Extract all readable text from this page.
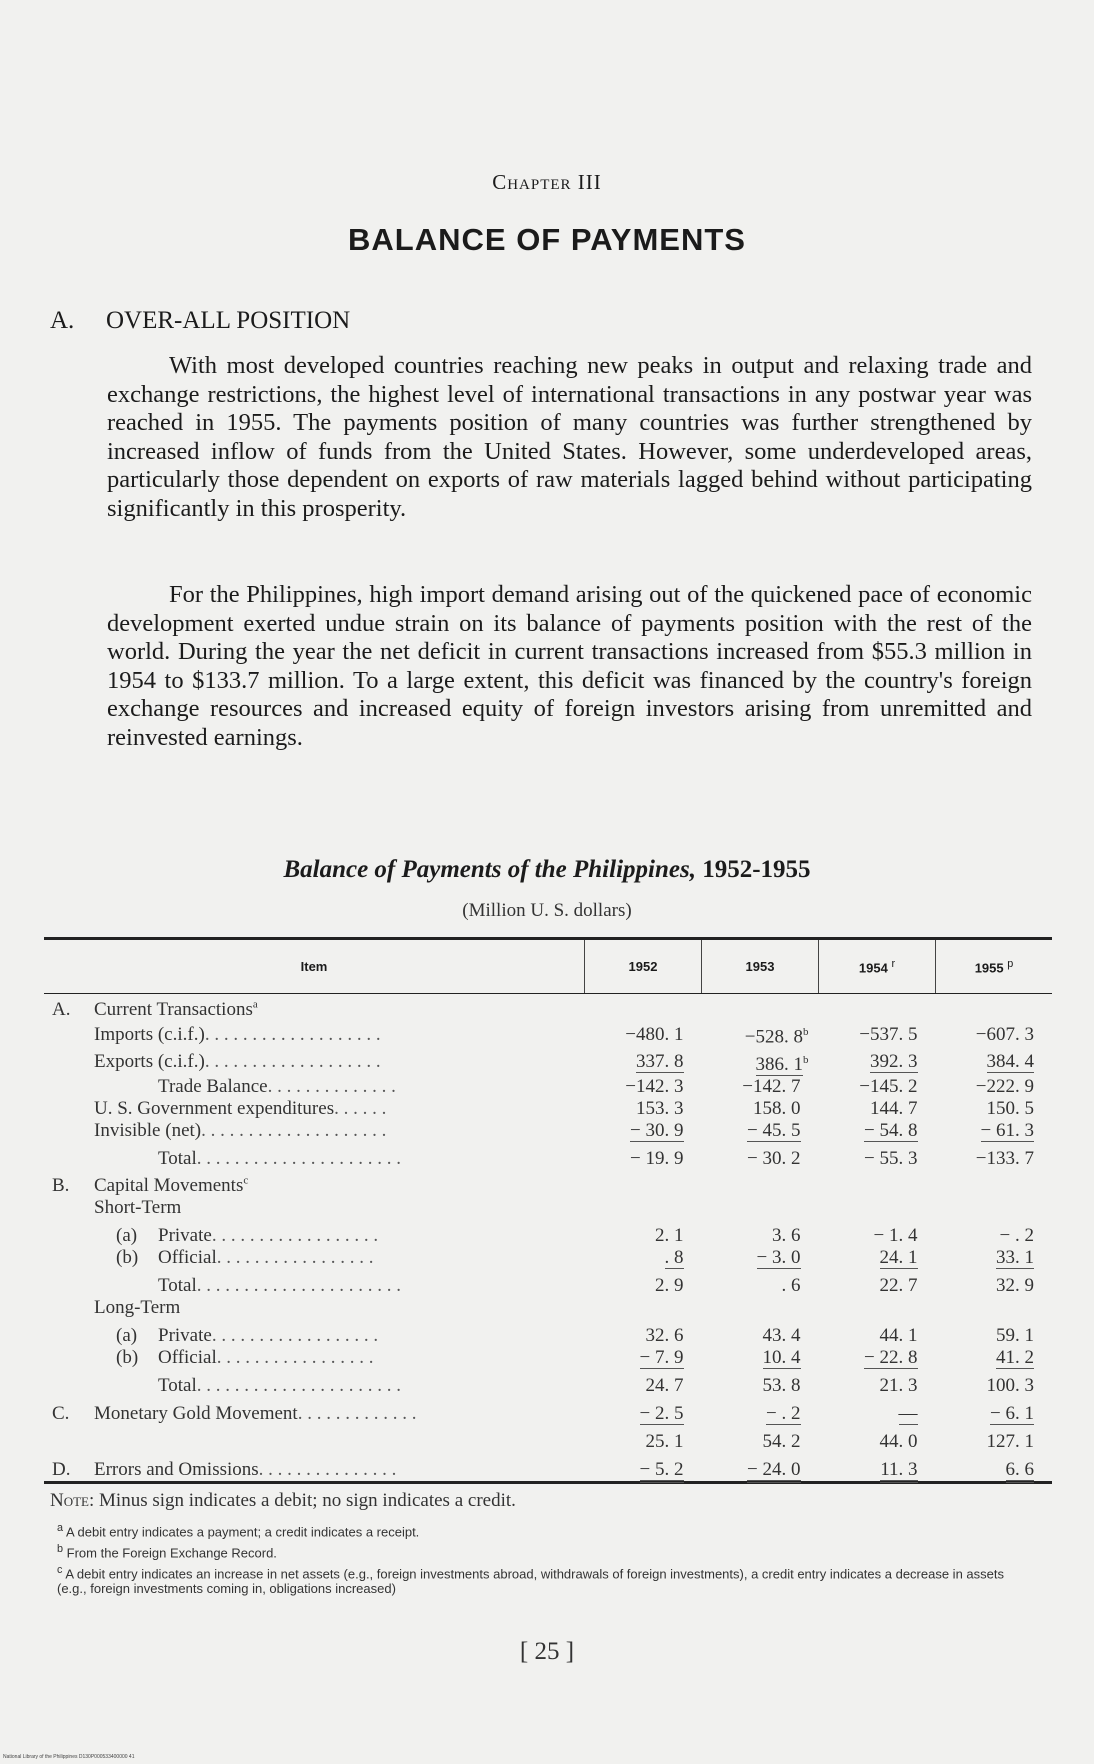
Chapter III
BALANCE OF PAYMENTS
A. OVER-ALL POSITION

With most developed countries reaching new peaks in output and relaxing trade and exchange restrictions, the highest level of international transactions in any postwar year was reached in 1955. The payments position of many countries was further strengthened by increased inflow of funds from the United States. However, some underdeveloped areas, particularly those dependent on exports of raw materials lagged behind without participating significantly in this prosperity.

For the Philippines, high import demand arising out of the quickened pace of economic development exerted undue strain on its balance of payments position with the rest of the world. During the year the net deficit in current transactions increased from $55.3 million in 1954 to $133.7 million. To a large extent, this deficit was financed by the country's foreign exchange resources and increased equity of foreign investors arising from unremitted and reinvested earnings.

Balance of Payments of the Philippines, 1952-1955
(Million U. S. dollars)
Item	1952	1953	1954 $^r$	1955 $^p$
A. Current Transactions$^a$				
Imports (c.i.f.). . . . . . . . . . . . . . . . . . .	−480. 1	−528. $8^b$	−537. 5	−607. 3
Exports (c.i.f.). . . . . . . . . . . . . . . . . . .	337. 8	386. 1$^b$	392. 3	384. 4
Trade Balance. . . . . . . . . . . . . .	−142. 3	−142. 7	−145. 2	−222. 9
U. S. Government expenditures. . . . . .	153. 3	158. 0	144. 7	150. 5
Invisible (net). . . . . . . . . . . . . . . . . . . .	− 30. 9	− 45. 5	− 54. 8	− 61. 3

Total. . . . . . . . . . . . . . . . . . . . . .	− 19. 9	− 30. 2	− 55. 3	−133. 7
B. Capital Movements$^c$				
Short-Term				

(a) Private. . . . . . . . . . . . . . . . . .	2. 1	3. 6	− 1. 4	− . 2
(b) Official. . . . . . . . . . . . . . . . .	. 8	− 3. 0	24. 1	33. 1

Total. . . . . . . . . . . . . . . . . . . . . .	2. 9	. 6	22. 7	32. 9
Long-Term				

(a) Private. . . . . . . . . . . . . . . . . .	32. 6	43. 4	44. 1	59. 1
(b) Official. . . . . . . . . . . . . . . . .	− 7. 9	10. 4	− 22. 8	41. 2

Total. . . . . . . . . . . . . . . . . . . . . .	24. 7	53. 8	21. 3	100. 3

C. Monetary Gold Movement. . . . . . . . . . . . .	− 2. 5	− . 2	—	− 6. 1

	25. 1	54. 2	44. 0	127. 1

D. Errors and Omissions. . . . . . . . . . . . . . .	− 5. 2	− 24. 0	11. 3	6. 6
Note: Minus sign indicates a debit; no sign indicates a credit.
$^a$ A debit entry indicates a payment; a credit indicates a receipt.
$^b$ From the Foreign Exchange Record.
$^c$ A debit entry indicates an increase in net assets (e.g., foreign investments abroad, withdrawals of foreign investments), a credit entry indicates a decrease in assets (e.g., foreign investments coming in, obligations increased)
[ 25 ]
National Library of the Philippines D130P000533400000 41
